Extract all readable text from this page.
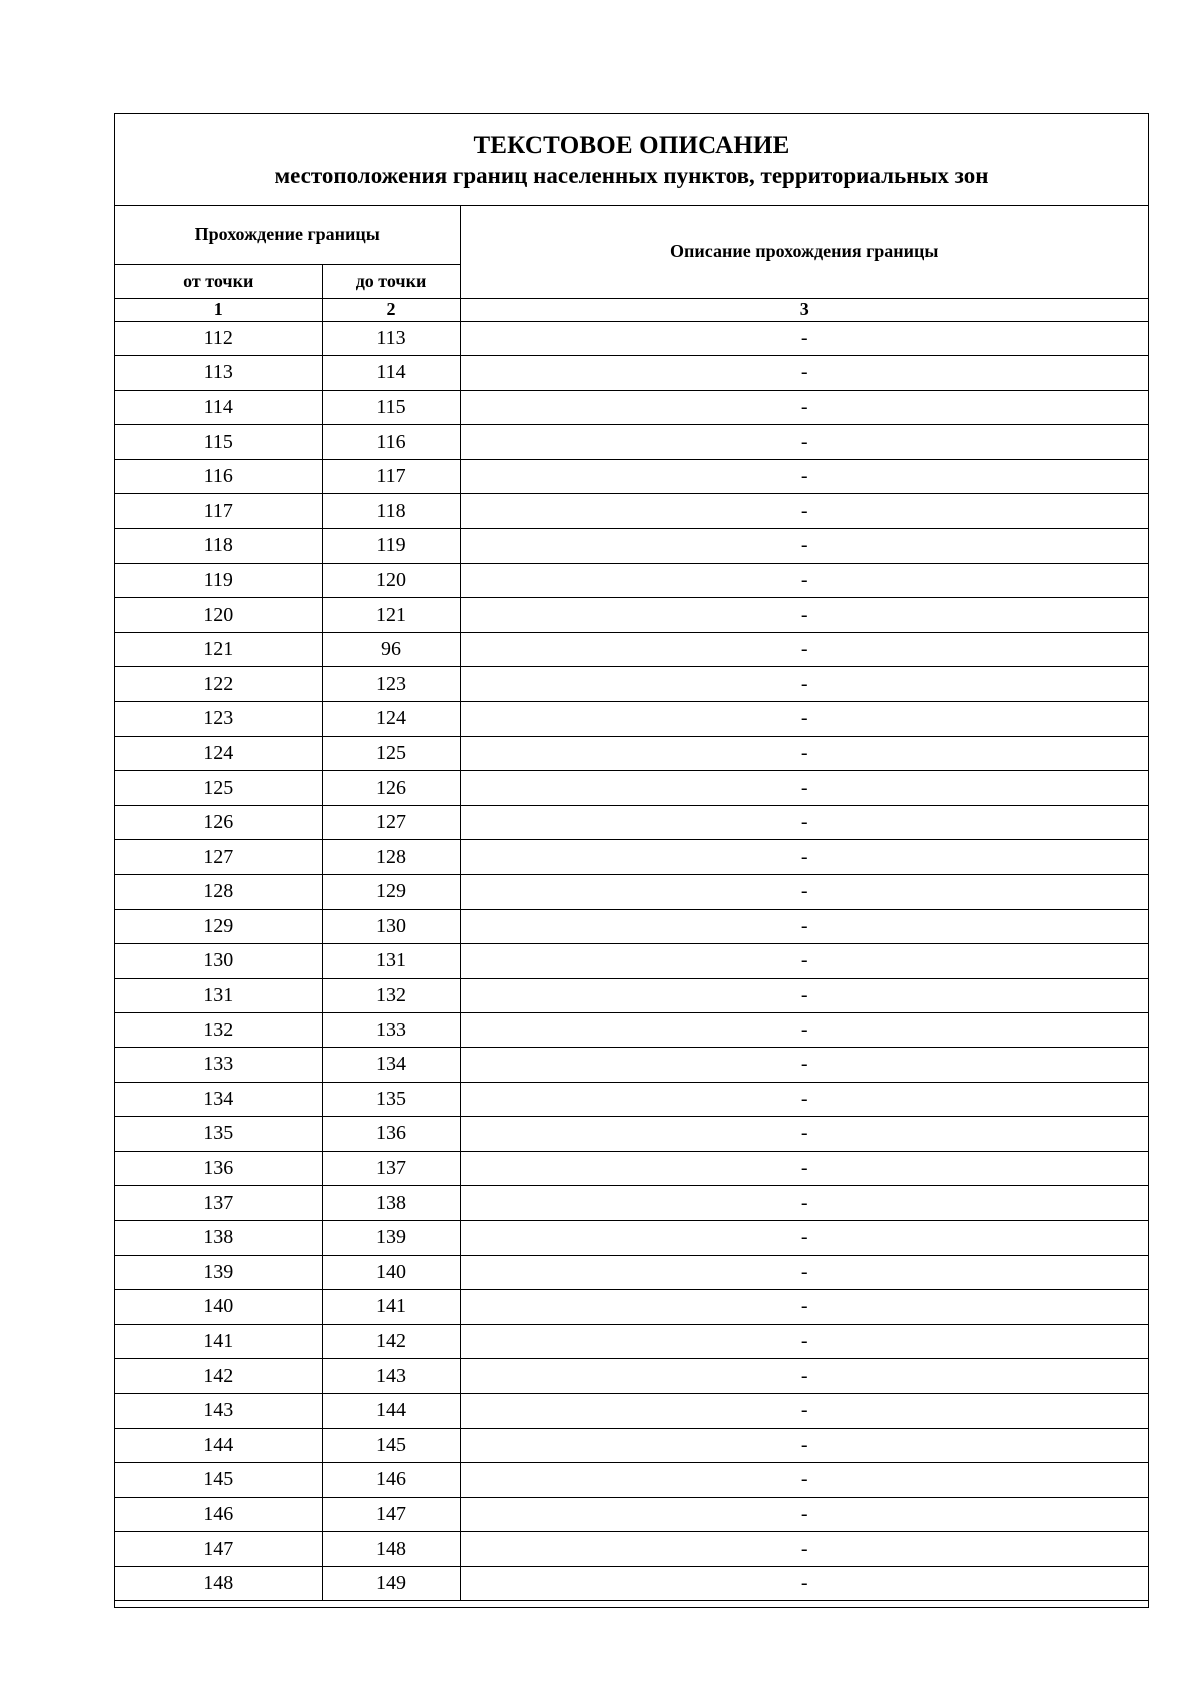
ТЕКСТОВОЕ ОПИСАНИЕ
местоположения границ населенных пунктов, территориальных зон
Прохождение границы		Описание прохождения границы
от точки	до точки	
1	2	3
112	113	-
113	114	-
114	115	-
115	116	-
116	117	-
117	118	-
118	119	-
119	120	-
120	121	-
121	96	-
122	123	-
123	124	-
124	125	-
125	126	-
126	127	-
127	128	-
128	129	-
129	130	-
130	131	-
131	132	-
132	133	-
133	134	-
134	135	-
135	136	-
136	137	-
137	138	-
138	139	-
139	140	-
140	141	-
141	142	-
142	143	-
143	144	-
144	145	-
145	146	-
146	147	-
147	148	-
148	149	-
